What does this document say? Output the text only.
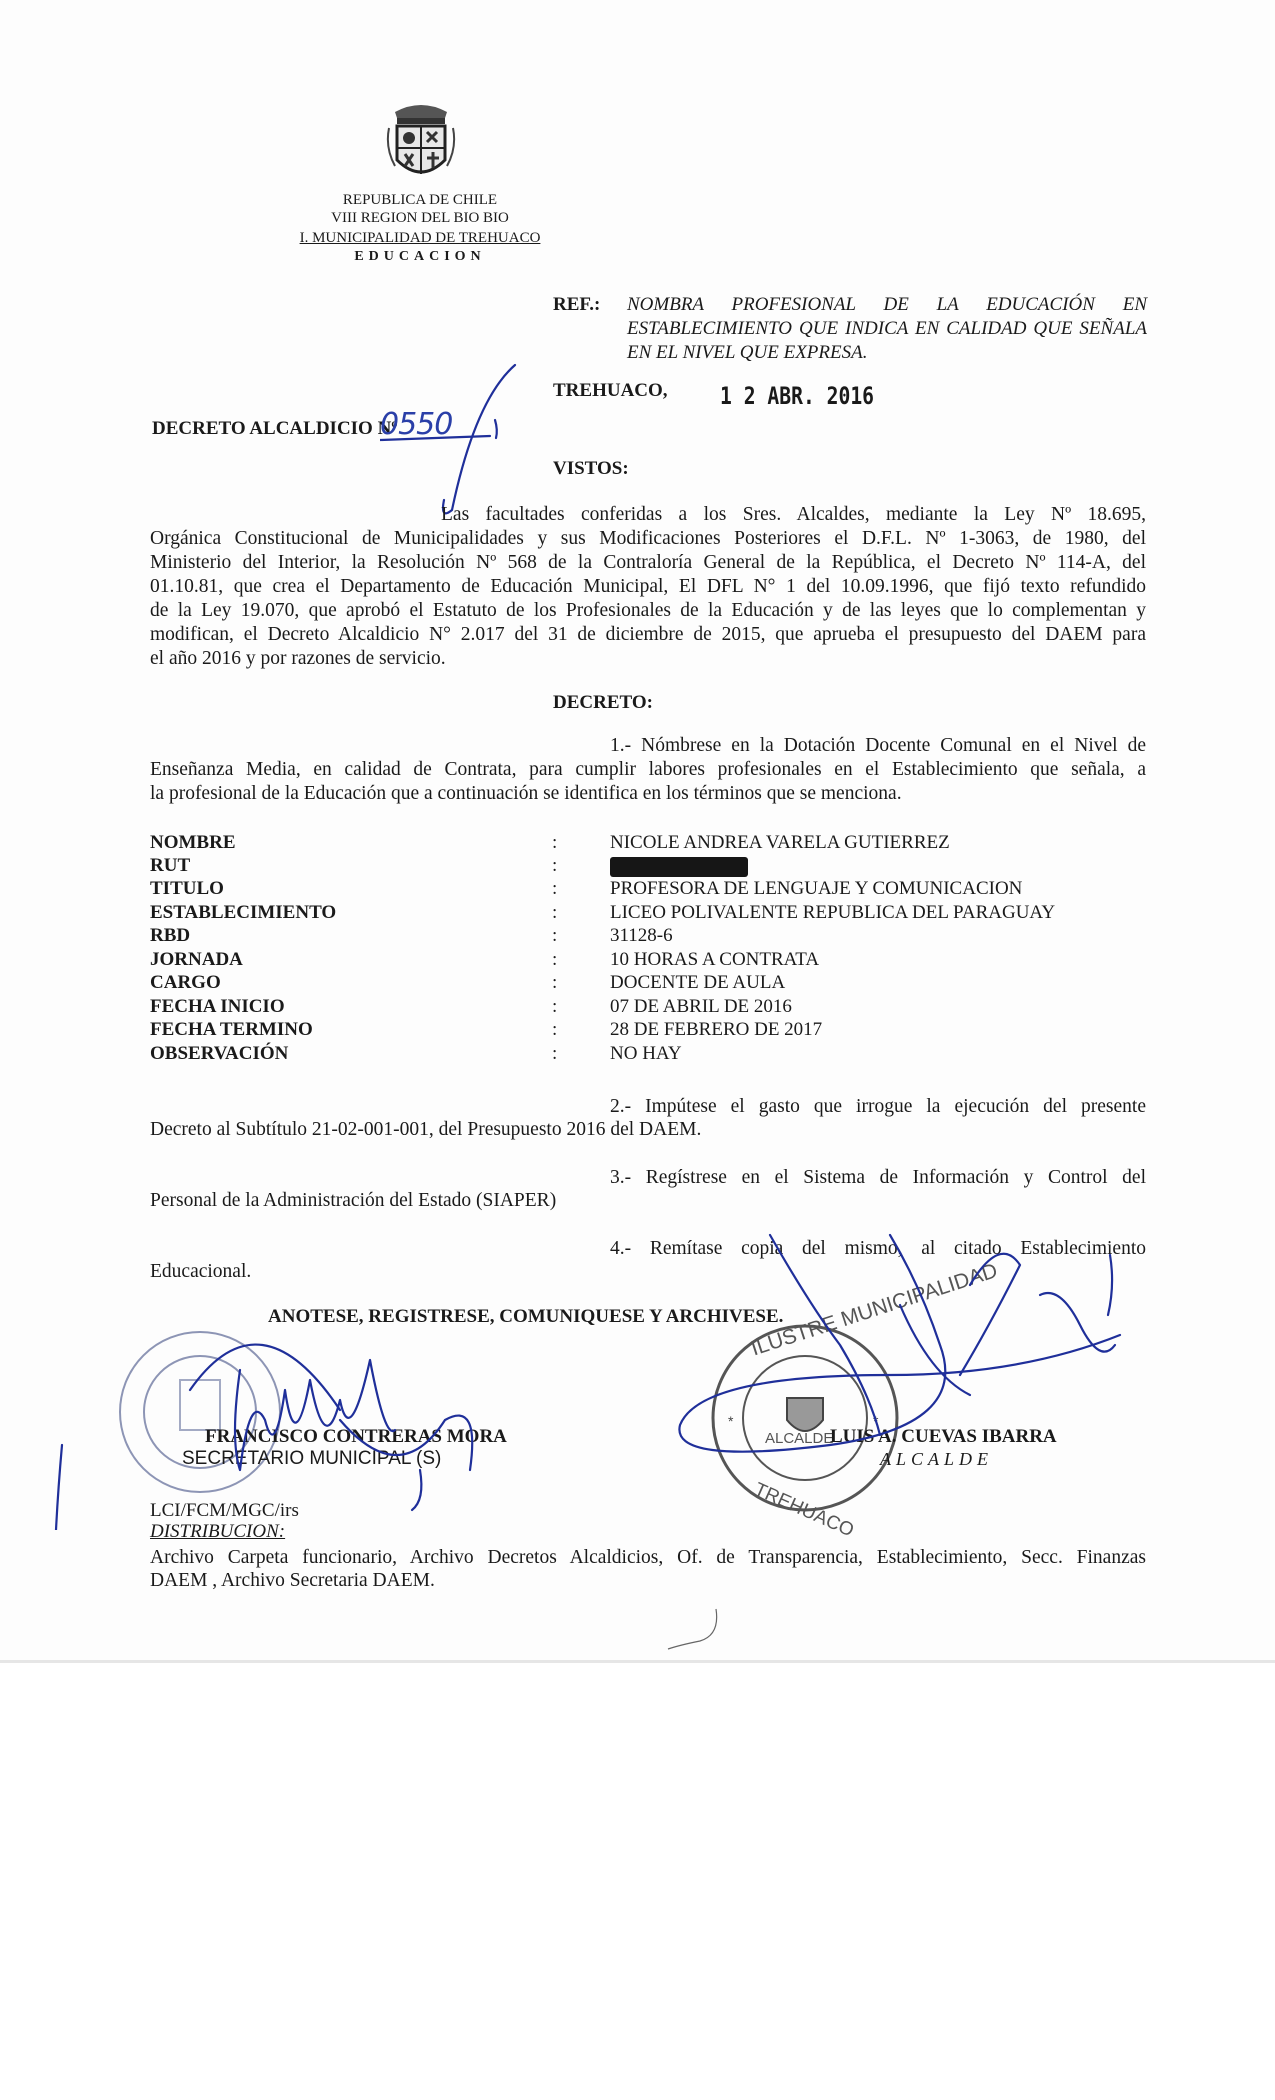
REPUBLICA DE CHILE
VIII REGION DEL BIO BIO
I. MUNICIPALIDAD DE TREHUACO
EDUCACION
REF.: NOMBRA PROFESIONAL DE LA EDUCACIÓN EN
ESTABLECIMIENTO QUE INDICA EN CALIDAD QUE SEÑALA
EN EL NIVEL QUE EXPRESA.
TREHUACO, 1 2 ABR. 2016
DECRETO ALCALDICIO Nº
0550
VISTOS:
Las facultades conferidas a los Sres. Alcaldes, mediante la Ley Nº 18.695,
Orgánica Constitucional de Municipalidades y sus Modificaciones Posteriores el D.F.L. Nº 1-3063, de 1980, del
Ministerio del Interior, la Resolución Nº 568 de la Contraloría General de la República, el Decreto Nº 114-A, del
01.10.81, que crea el Departamento de Educación Municipal, El DFL N° 1 del 10.09.1996, que fijó texto refundido
de la Ley 19.070, que aprobó el Estatuto de los Profesionales de la Educación y de las leyes que lo complementan y
modifican, el Decreto Alcaldicio N° 2.017 del 31 de diciembre de 2015, que aprueba el presupuesto del DAEM para
el año 2016 y por razones de servicio.
DECRETO:
1.- Nómbrese en la Dotación Docente Comunal en el Nivel de
Enseñanza Media, en calidad de Contrata, para cumplir labores profesionales en el Establecimiento que señala, a
la profesional de la Educación que a continuación se identifica en los términos que se menciona.
NOMBRE	:	NICOLE ANDREA VARELA GUTIERREZ
RUT	:
TITULO	:	PROFESORA DE LENGUAJE Y COMUNICACION
ESTABLECIMIENTO	:	LICEO POLIVALENTE REPUBLICA DEL PARAGUAY
RBD	:	31128-6
JORNADA	:	10 HORAS A CONTRATA
CARGO	:	DOCENTE DE AULA
FECHA INICIO	:	07 DE ABRIL DE 2016
FECHA TERMINO	:	28 DE FEBRERO DE 2017
OBSERVACIÓN	:	NO HAY
2.- Impútese el gasto que irrogue la ejecución del presente
Decreto al Subtítulo 21-02-001-001, del Presupuesto 2016 del DAEM.
3.- Regístrese en el Sistema de Información y Control del
Personal de la Administración del Estado (SIAPER)
4.- Remítase copia del mismo, al citado Establecimiento
Educacional.
ANOTESE, REGISTRESE, COMUNIQUESE Y ARCHIVESE.
*	*
ILUSTRE MUNICIPALIDAD
TREHUACO
ALCALDE
FRANCISCO CONTRERAS MORA
SECRETARIO MUNICIPAL (S)
LUIS A. CUEVAS IBARRA
ALCALDE
LCI/FCM/MGC/irs
DISTRIBUCION:
Archivo Carpeta funcionario, Archivo Decretos Alcaldicios, Of. de Transparencia, Establecimiento, Secc. Finanzas
DAEM , Archivo Secretaria DAEM.
